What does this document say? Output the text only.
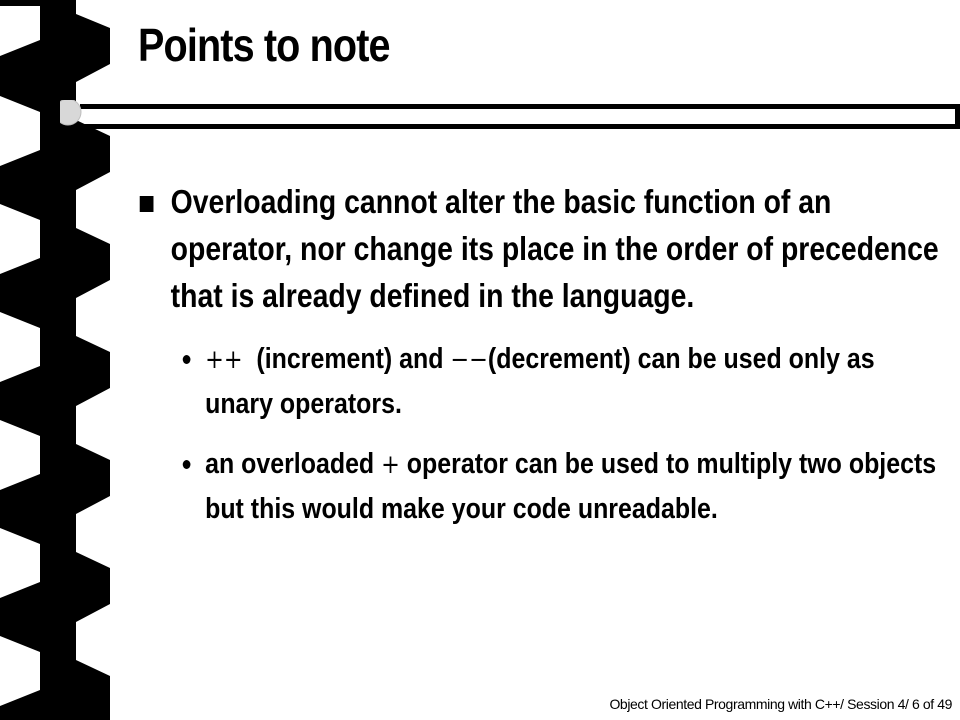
Points to note
Overloading cannot alter the basic function of an operator, nor change its place in the order of precedence that is already defined in the language.
++ (increment) and −−(decrement) can be used only as unary operators.
an overloaded + operator can be used to multiply two objects but this would make your code unreadable.
Object Oriented Programming with C++/ Session 4/ 6 of 49
